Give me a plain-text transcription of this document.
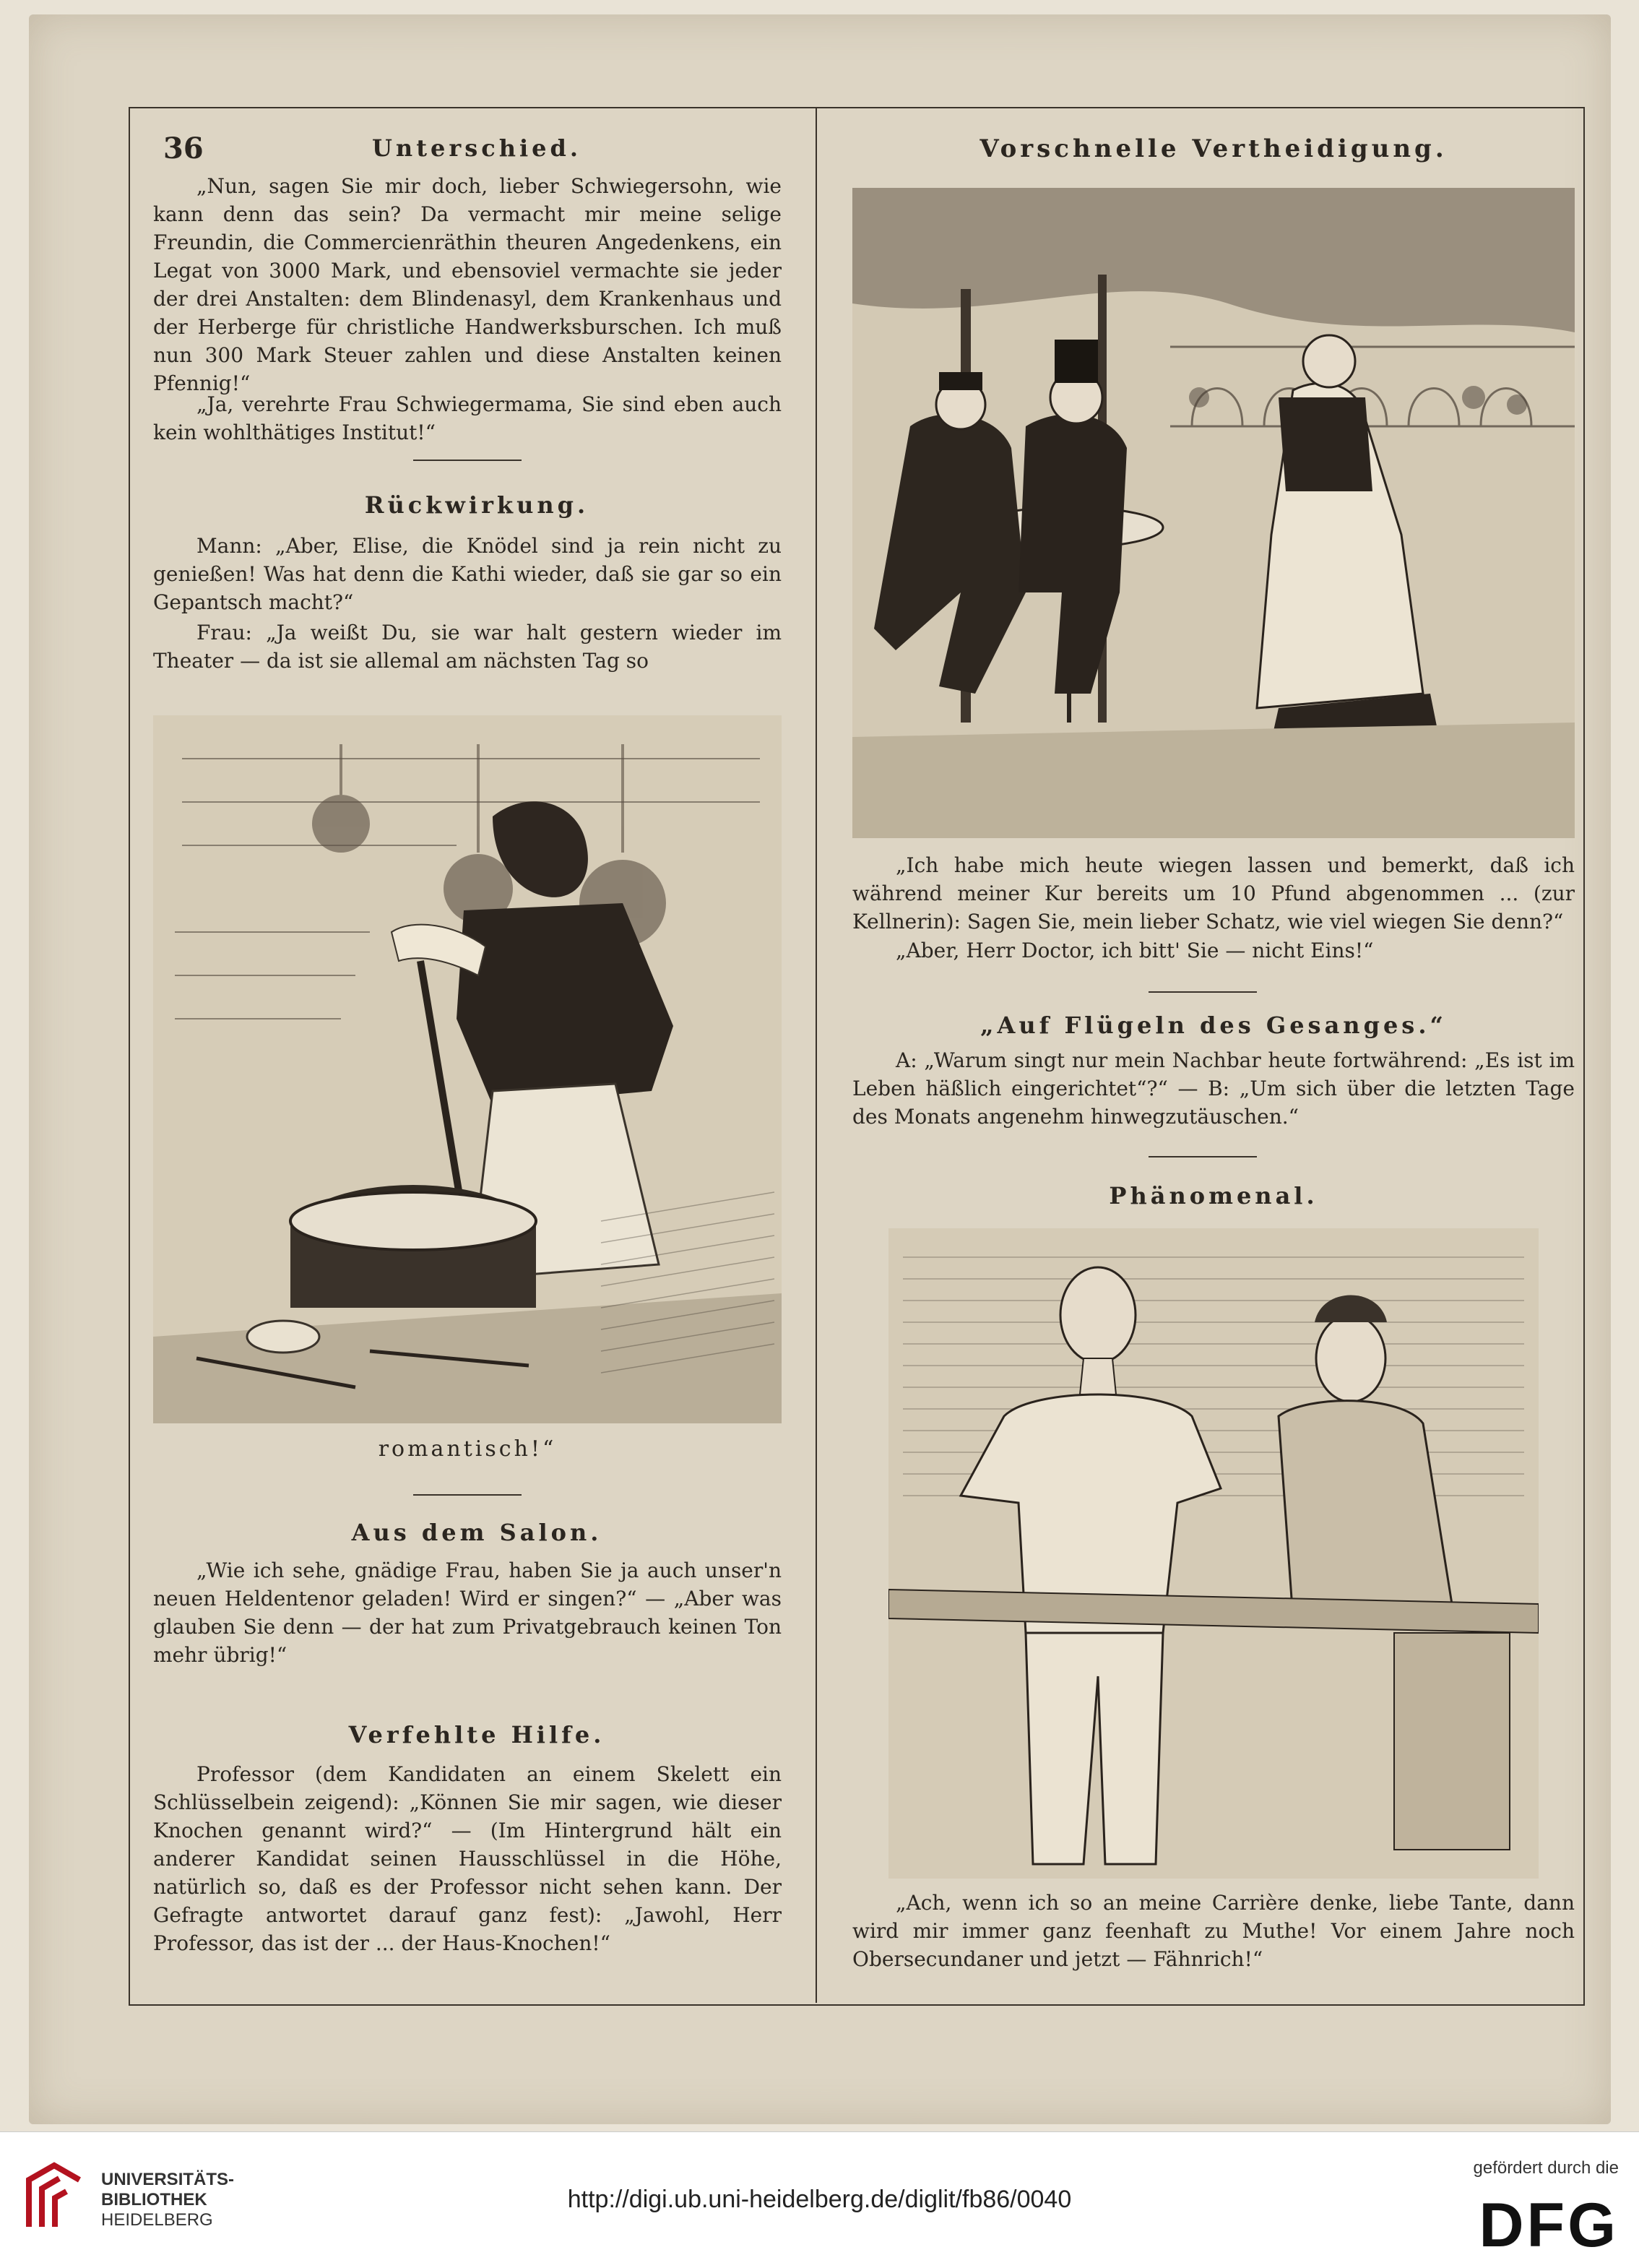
36	Unterschied.
„Nun, sagen Sie mir doch, lieber Schwiegersohn, wie kann denn das sein? Da vermacht mir meine selige Freundin, die Commercienräthin theuren Angedenkens, ein Legat von 3000 Mark, und ebensoviel vermachte sie jeder der drei Anstalten: dem Blindenasyl, dem Krankenhaus und der Herberge für christliche Handwerksburschen. Ich muß nun 300 Mark Steuer zahlen und diese Anstalten keinen Pfennig!“
„Ja, verehrte Frau Schwiegermama, Sie sind eben auch kein wohlthätiges Institut!“
Rückwirkung.
Mann: „Aber, Elise, die Knödel sind ja rein nicht zu genießen! Was hat denn die Kathi wieder, daß sie gar so ein Gepantsch macht?“
Frau: „Ja weißt Du, sie war halt gestern wieder im Theater — da ist sie allemal am nächsten Tag so
romantisch!“
Aus dem Salon.
„Wie ich sehe, gnädige Frau, haben Sie ja auch unser'n neuen Heldentenor geladen! Wird er singen?“ — „Aber was glauben Sie denn — der hat zum Privatgebrauch keinen Ton mehr übrig!“
Verfehlte Hilfe.
Professor (dem Kandidaten an einem Skelett ein Schlüsselbein zeigend): „Können Sie mir sagen, wie dieser Knochen genannt wird?“ — (Im Hintergrund hält ein anderer Kandidat seinen Hausschlüssel in die Höhe, natürlich so, daß es der Professor nicht sehen kann. Der Gefragte antwortet darauf ganz fest): „Jawohl, Herr Professor, das ist der ... der Haus-Knochen!“
Vorschnelle Vertheidigung.
„Ich habe mich heute wiegen lassen und bemerkt, daß ich während meiner Kur bereits um 10 Pfund abgenommen ... (zur Kellnerin): Sagen Sie, mein lieber Schatz, wie viel wiegen Sie denn?“
„Aber, Herr Doctor, ich bitt' Sie — nicht Eins!“
„Auf Flügeln des Gesanges.“
A: „Warum singt nur mein Nachbar heute fortwährend: „Es ist im Leben häßlich eingerichtet“?“ — B: „Um sich über die letzten Tage des Monats angenehm hinwegzutäuschen.“
Phänomenal.
„Ach, wenn ich so an meine Carrière denke, liebe Tante, dann wird mir immer ganz feenhaft zu Muthe! Vor einem Jahre noch Obersecundaner und jetzt — Fähnrich!“
UNIVERSITÄTS-
BIBLIOTHEK
HEIDELBERG
http://digi.ub.uni-heidelberg.de/diglit/fb86/0040
gefördert durch die
DFG
